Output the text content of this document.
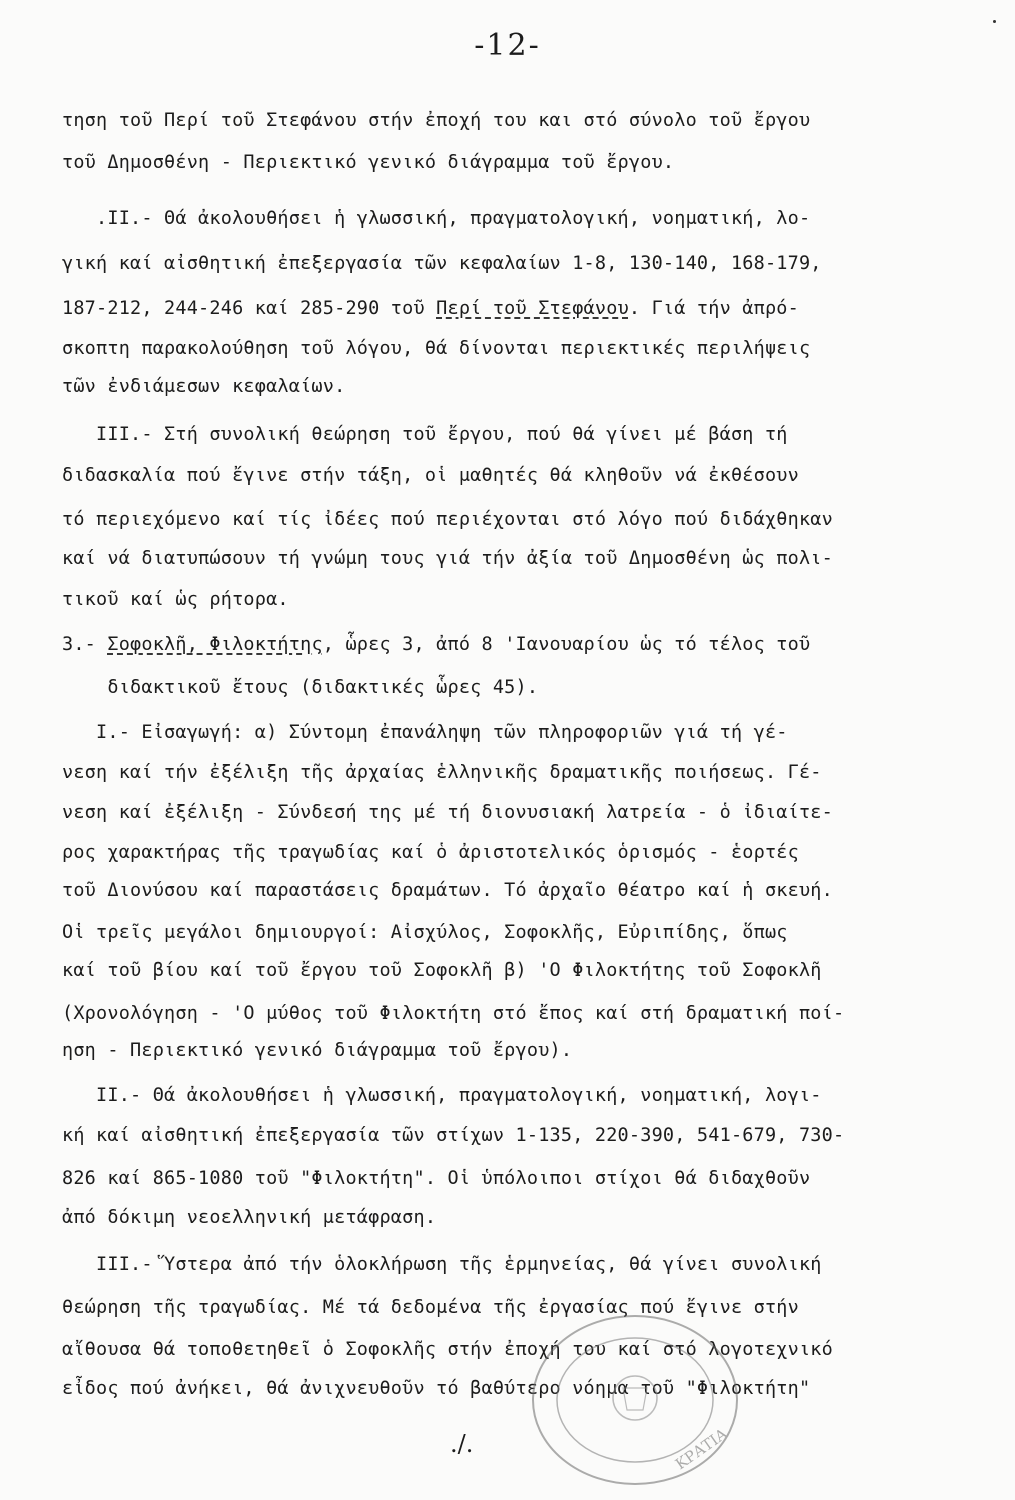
-12-
τηση τοῦ Περί τοῦ Στεφάνου στήν ἐποχή του και στό σύνολο τοῦ ἔργου
τοῦ Δημοσθένη - Περιεκτικό γενικό διάγραμμα τοῦ ἔργου.
.ΙΙ.- Θά ἀκολουθήσει ἡ γλωσσική, πραγματολογική, νοηματική, λο-
γική καί αἰσθητική ἐπεξεργασία τῶν κεφαλαίων 1-8, 130-140, 168-179,
187-212, 244-246 καί 285-290 τοῦ Περί τοῦ Στεφάνου. Γιά τήν ἀπρό-
σκοπτη παρακολούθηση τοῦ λόγου, θά δίνονται περιεκτικές περιλήψεις
τῶν ἐνδιάμεσων κεφαλαίων.
ΙΙΙ.- Στή συνολική θεώρηση τοῦ ἔργου, πού θά γίνει μέ βάση τή
διδασκαλία πού ἔγινε στήν τάξη, οἱ μαθητές θά κληθοῦν νά ἐκθέσουν
τό περιεχόμενο καί τίς ἰδέες πού περιέχονται στό λόγο πού διδάχθηκαν
καί νά διατυπώσουν τή γνώμη τους γιά τήν ἀξία τοῦ Δημοσθένη ὡς πολι-
τικοῦ καί ὡς ρήτορα.
3.- Σοφοκλῆ, Φιλοκτήτης, ὧρες 3, ἀπό 8 'Ιανουαρίου ὡς τό τέλος τοῦ
διδακτικοῦ ἔτους (διδακτικές ὧρες 45).
Ι.- Εἰσαγωγή: α) Σύντομη ἐπανάληψη τῶν πληροφοριῶν γιά τή γέ-
νεση καί τήν ἐξέλιξη τῆς ἀρχαίας ἑλληνικῆς δραματικῆς ποιήσεως. Γέ-
νεση καί ἐξέλιξη - Σύνδεσή της μέ τή διονυσιακή λατρεία - ὁ ἰδιαίτε-
ρος χαρακτήρας τῆς τραγωδίας καί ὁ ἀριστοτελικός ὁρισμός - ἑορτές
τοῦ Διονύσου καί παραστάσεις δραμάτων. Τό ἀρχαῖο θέατρο καί ἡ σκευή.
Οἱ τρεῖς μεγάλοι δημιουργοί: Αἰσχύλος, Σοφοκλῆς, Εὐριπίδης, ὅπως
καί τοῦ βίου καί τοῦ ἔργου τοῦ Σοφοκλῆ β) 'Ο Φιλοκτήτης τοῦ Σοφοκλῆ
(Χρονολόγηση - 'Ο μύθος τοῦ Φιλοκτήτη στό ἔπος καί στή δραματική ποί-
ηση - Περιεκτικό γενικό διάγραμμα τοῦ ἔργου).
ΙΙ.- Θά ἀκολουθήσει ἡ γλωσσική, πραγματολογική, νοηματική, λογι-
κή καί αἰσθητική ἐπεξεργασία τῶν στίχων 1-135, 220-390, 541-679, 730-
826 καί 865-1080 τοῦ "Φιλοκτήτη". Οἱ ὑπόλοιποι στίχοι θά διδαχθοῦν
ἀπό δόκιμη νεοελληνική μετάφραση.
ΙΙΙ.- Ὕστερα ἀπό τήν ὁλοκλήρωση τῆς ἑρμηνείας, θά γίνει συνολική
θεώρηση τῆς τραγωδίας. Μέ τά δεδομένα τῆς ἐργασίας πού ἔγινε στήν
αἴθουσα θά τοποθετηθεῖ ὁ Σοφοκλῆς στήν ἐποχή του καί στό λογοτεχνικό
εἶδος πού ἀνήκει, θά ἀνιχνευθοῦν τό βαθύτερο νόημα τοῦ "Φιλοκτήτη"
./.	ΚΡΑΤΙΑ
